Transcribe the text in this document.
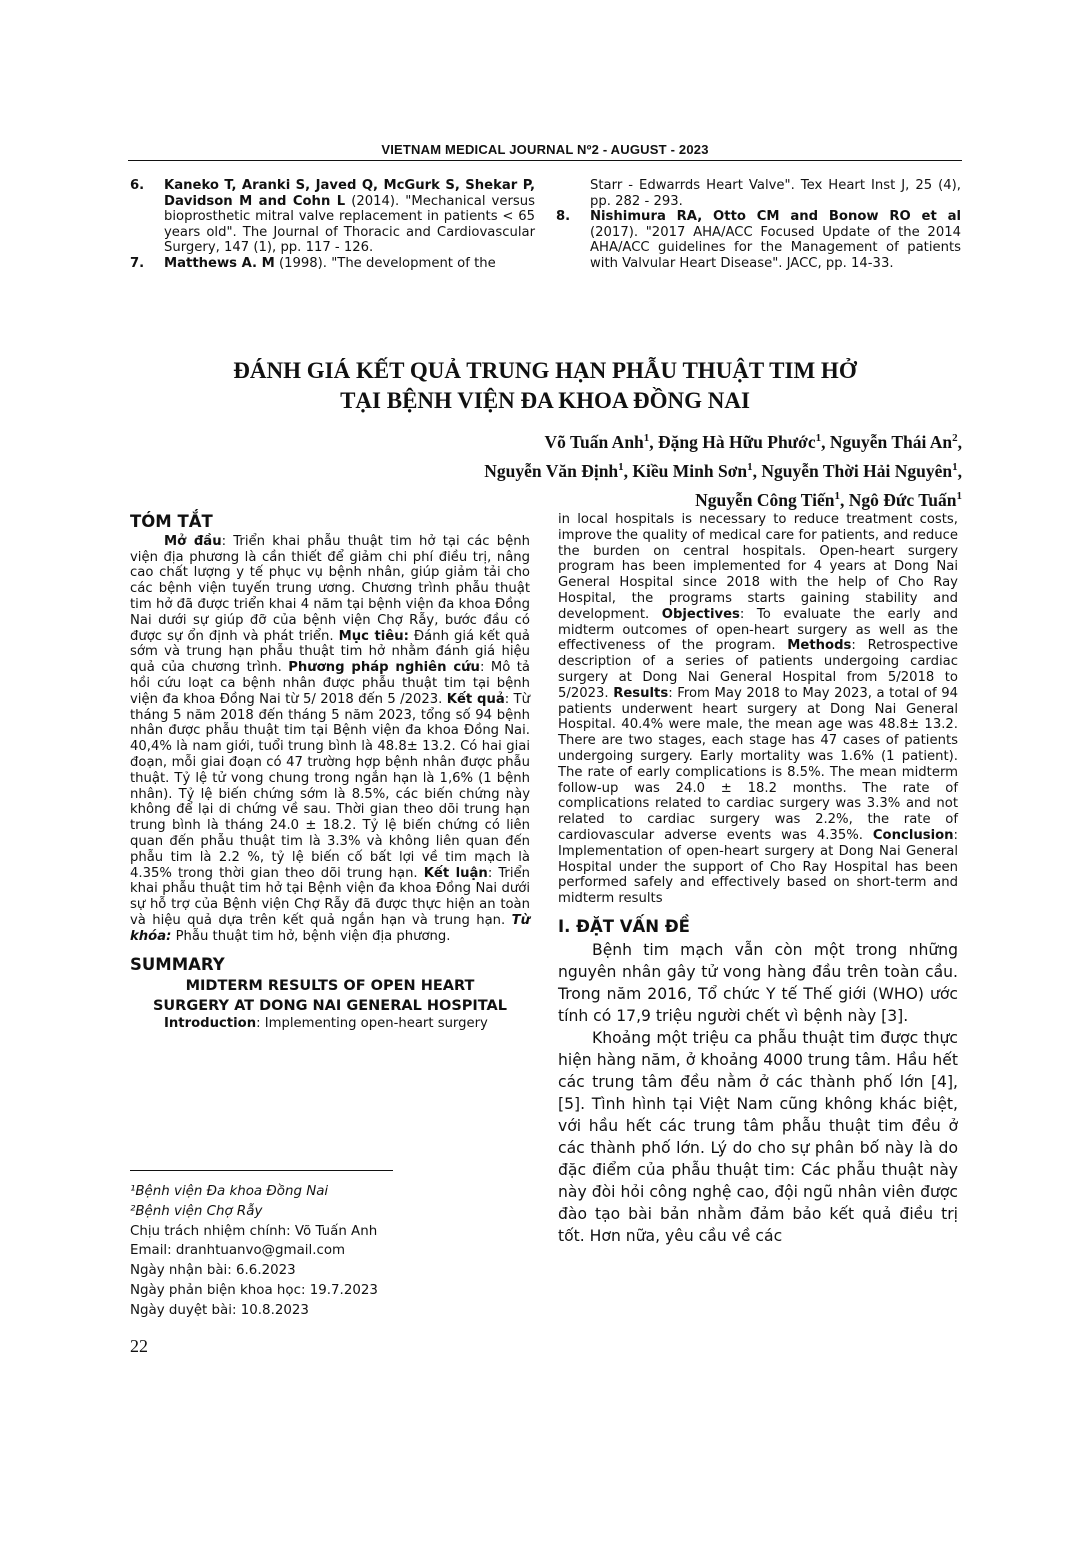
VIETNAM MEDICAL JOURNAL Nº2 - AUGUST - 2023
6. Kaneko T, Aranki S, Javed Q, McGurk S, Shekar P, Davidson M and Cohn L (2014). "Mechanical versus bioprosthetic mitral valve replacement in patients < 65 years old". The Journal of Thoracic and Cardiovascular Surgery, 147 (1), pp. 117 - 126.
7. Matthews A. M (1998). "The development of the
Starr - Edwarrds Heart Valve". Tex Heart Inst J, 25 (4), pp. 282 - 293.
8. Nishimura RA, Otto CM and Bonow RO et al (2017). "2017 AHA/ACC Focused Update of the 2014 AHA/ACC guidelines for the Management of patients with Valvular Heart Disease". JACC, pp. 14-33.
ĐÁNH GIÁ KẾT QUẢ TRUNG HẠN PHẪU THUẬT TIM HỞ
TẠI BỆNH VIỆN ĐA KHOA ĐỒNG NAI
Võ Tuấn Anh$^1$, Đặng Hà Hữu Phước$^1$, Nguyễn Thái An$^2$,
Nguyễn Văn Định$^1$, Kiều Minh Sơn$^1$, Nguyễn Thời Hải Nguyên$^1$,
Nguyễn Công Tiến$^1$, Ngô Đức Tuấn$^1$
TÓM TẮT

Mở đầu: Triển khai phẫu thuật tim hở tại các bệnh viện địa phương là cần thiết để giảm chi phí điều trị, nâng cao chất lượng y tế phục vụ bệnh nhân, giúp giảm tải cho các bệnh viện tuyến trung ương. Chương trình phẫu thuật tim hở đã được triển khai 4 năm tại bệnh viện đa khoa Đồng Nai dưới sự giúp đỡ của bệnh viện Chợ Rẫy, bước đầu có được sự ổn định và phát triển. Mục tiêu: Đánh giá kết quả sớm và trung hạn phẫu thuật tim hở nhằm đánh giá hiệu quả của chương trình. Phương pháp nghiên cứu: Mô tả hồi cứu loạt ca bệnh nhân được phẫu thuật tim tại bệnh viện đa khoa Đồng Nai từ 5/ 2018 đến 5 /2023. Kết quả: Từ tháng 5 năm 2018 đến tháng 5 năm 2023, tổng số 94 bệnh nhân được phẫu thuật tim tại Bệnh viện đa khoa Đồng Nai. 40,4% là nam giới, tuổi trung bình là 48.8± 13.2. Có hai giai đoạn, mỗi giai đoạn có 47 trường hợp bệnh nhân được phẫu thuật. Tỷ lệ tử vong chung trong ngắn hạn là 1,6% (1 bệnh nhân). Tỷ lệ biến chứng sớm là 8.5%, các biến chứng này không để lại di chứng về sau. Thời gian theo dõi trung hạn trung bình là tháng 24.0 ± 18.2. Tỷ lệ biến chứng có liên quan đến phẫu thuật tim là 3.3% và không liên quan đến phẫu tim là 2.2 %, tỷ lệ biến cố bất lợi về tim mạch là 4.35% trong thời gian theo dõi trung hạn. Kết luận: Triển khai phẫu thuật tim hở tại Bệnh viện đa khoa Đồng Nai dưới sự hỗ trợ của Bệnh viện Chợ Rẫy đã được thực hiện an toàn và hiệu quả dựa trên kết quả ngắn hạn và trung hạn. Từ khóa: Phẫu thuật tim hở, bệnh viện địa phương.

SUMMARY
MIDTERM RESULTS OF OPEN HEART
SURGERY AT DONG NAI GENERAL HOSPITAL

Introduction: Implementing open-heart surgery

in local hospitals is necessary to reduce treatment costs, improve the quality of medical care for patients, and reduce the burden on central hospitals. Open-heart surgery program has been implemented for 4 years at Dong Nai General Hospital since 2018 with the help of Cho Ray Hospital, the programs starts gaining stability and development. Objectives: To evaluate the early and midterm outcomes of open-heart surgery as well as the effectiveness of the program. Methods: Retrospective description of a series of patients undergoing cardiac surgery at Dong Nai General Hospital from 5/2018 to 5/2023. Results: From May 2018 to May 2023, a total of 94 patients underwent heart surgery at Dong Nai General Hospital. 40.4% were male, the mean age was 48.8± 13.2. There are two stages, each stage has 47 cases of patients undergoing surgery. Early mortality was 1.6% (1 patient). The rate of early complications is 8.5%. The mean midterm follow-up was 24.0 ± 18.2 months. The rate of complications related to cardiac surgery was 3.3% and not related to cardiac surgery was 2.2%, the rate of cardiovascular adverse events was 4.35%. Conclusion: Implementation of open-heart surgery at Dong Nai General Hospital under the support of Cho Ray Hospital has been performed safely and effectively based on short-term and midterm results

I. ĐẶT VẤN ĐỀ

Bệnh tim mạch vẫn còn một trong những nguyên nhân gây tử vong hàng đầu trên toàn cầu. Trong năm 2016, Tổ chức Y tế Thế giới (WHO) ước tính có 17,9 triệu người chết vì bệnh này [3].

Khoảng một triệu ca phẫu thuật tim được thực hiện hàng năm, ở khoảng 4000 trung tâm. Hầu hết các trung tâm đều nằm ở các thành phố lớn [4],[5]. Tình hình tại Việt Nam cũng không khác biệt, với hầu hết các trung tâm phẫu thuật tim đều ở các thành phố lớn. Lý do cho sự phân bố này là do đặc điểm của phẫu thuật tim: Các phẫu thuật này này đòi hỏi công nghệ cao, đội ngũ nhân viên được đào tạo bài bản nhằm đảm bảo kết quả điều trị tốt. Hơn nữa, yêu cầu về các

¹Bệnh viện Đa khoa Đồng Nai
²Bệnh viện Chợ Rẫy
Chịu trách nhiệm chính: Võ Tuấn Anh
Email: dranhtuanvo@gmail.com
Ngày nhận bài: 6.6.2023
Ngày phản biện khoa học: 19.7.2023
Ngày duyệt bài: 10.8.2023
22
